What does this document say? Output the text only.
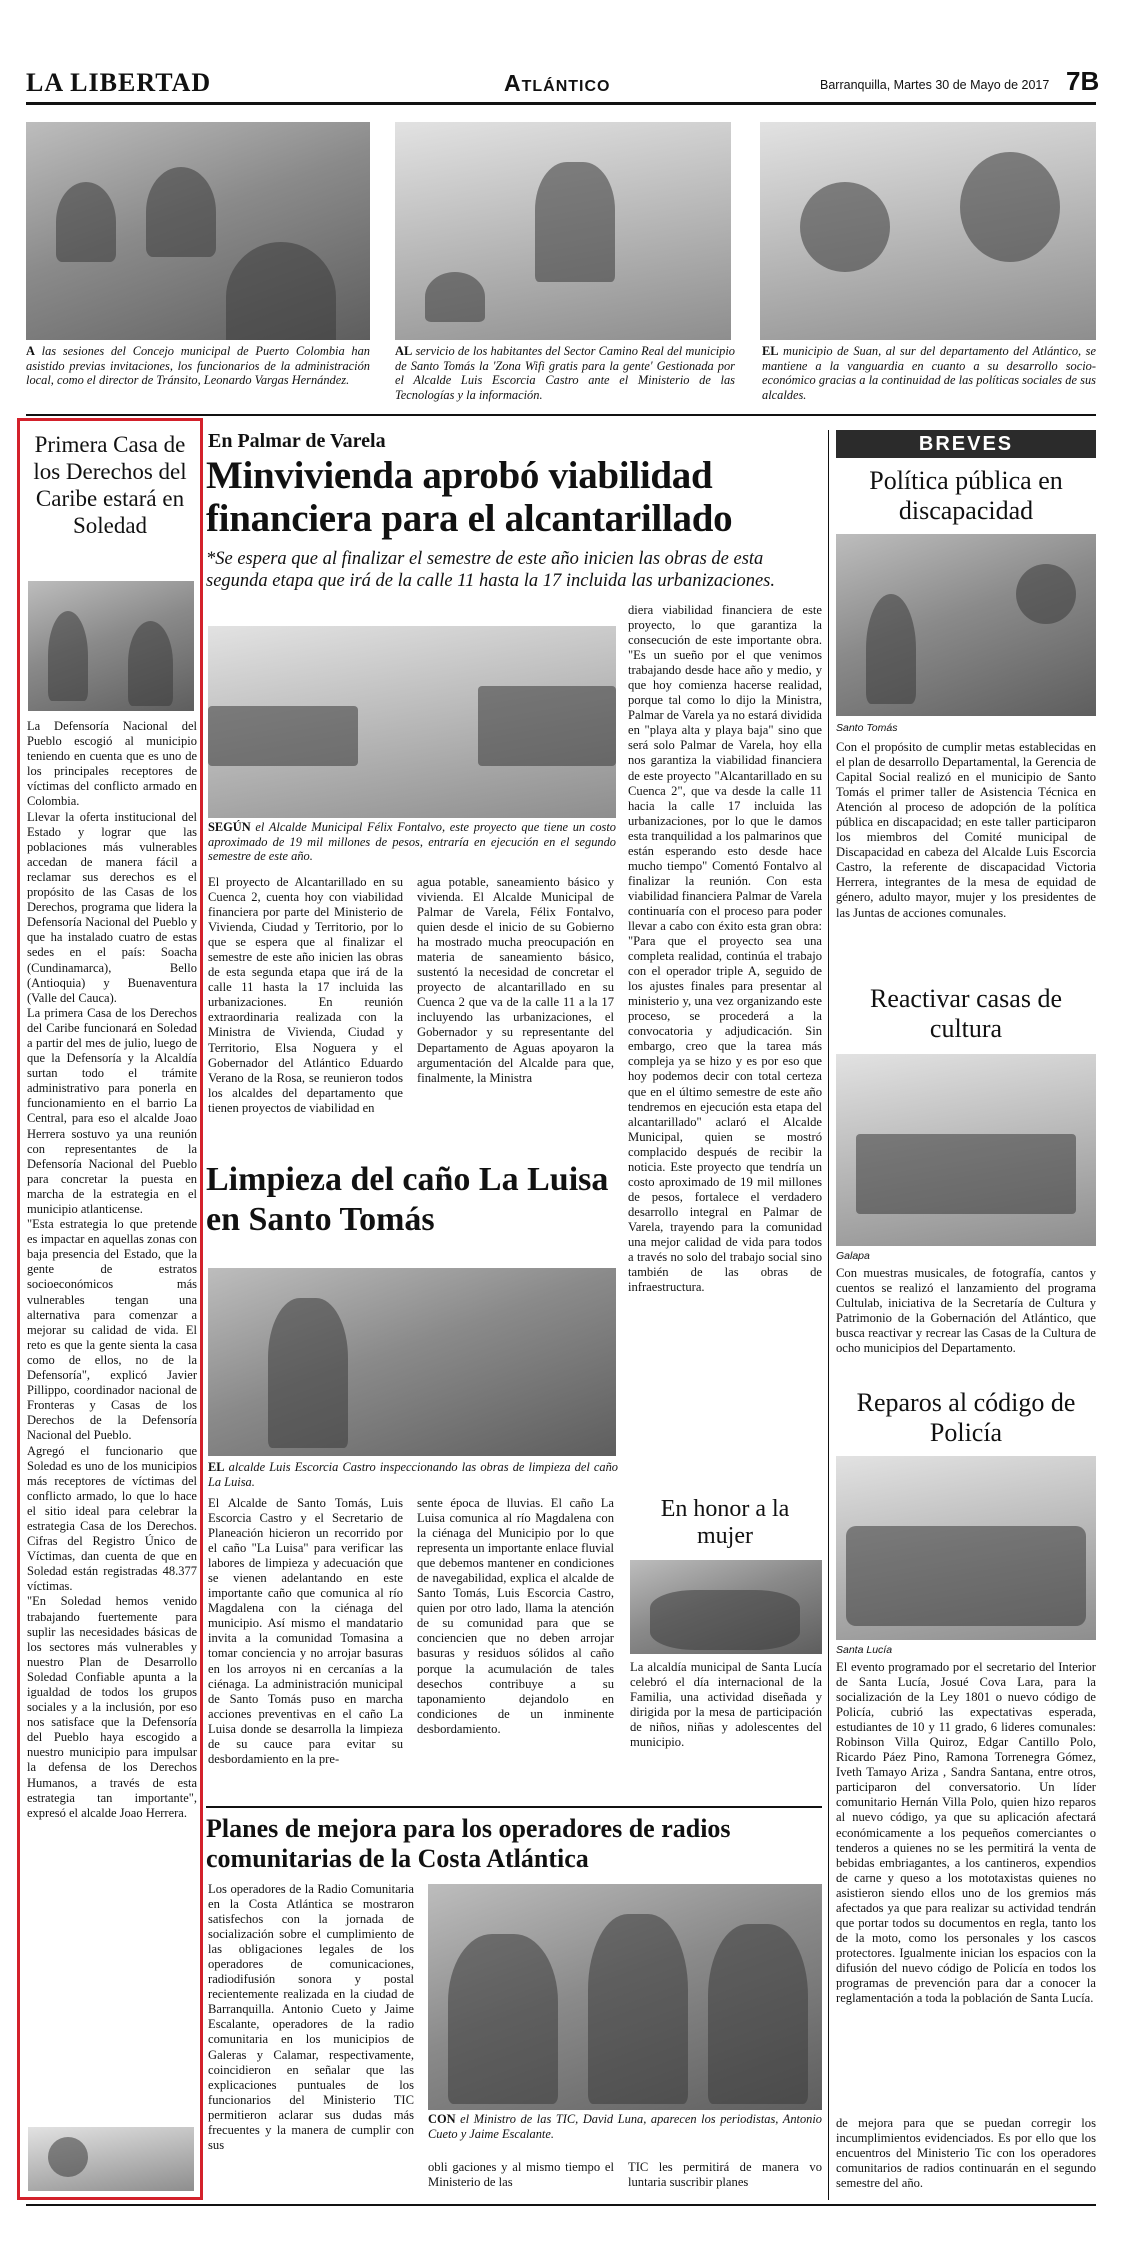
LA LIBERTAD	Atlántico	Barranquilla, Martes 30 de Mayo de 2017 7B
A las sesiones del Concejo municipal de Puerto Colombia han asistido previas invitaciones, los funcionarios de la administración local, como el director de Tránsito, Leonardo Vargas Hernández.
AL servicio de los habitantes del Sector Camino Real del municipio de Santo Tomás la 'Zona Wifi gratis para la gente' Gestionada por el Alcalde Luis Escorcia Castro ante el Ministerio de las Tecnologías y la información.
EL municipio de Suan, al sur del departamento del Atlántico, se mantiene a la vanguardia en cuanto a su desarrollo socio-económico gracias a la continuidad de las políticas sociales de sus alcaldes.
Primera Casa de los Derechos del Caribe estará en Soledad

La Defensoría Nacional del Pueblo escogió al municipio teniendo en cuenta que es uno de los principales receptores de víctimas del conflicto armado en Colombia.

Llevar la oferta institucional del Estado y lograr que las poblaciones más vulnerables accedan de manera fácil a reclamar sus derechos es el propósito de las Casas de los Derechos, programa que lidera la Defensoría Nacional del Pueblo y que ha instalado cuatro de estas sedes en el país: Soacha (Cundinamarca), Bello (Antioquia) y Buenaventura (Valle del Cauca).

La primera Casa de los Derechos del Caribe funcionará en Soledad a partir del mes de julio, luego de que la Defensoría y la Alcaldía surtan todo el trámite administrativo para ponerla en funcionamiento en el barrio La Central, para eso el alcalde Joao Herrera sostuvo ya una reunión con representantes de la Defensoría Nacional del Pueblo para concretar la puesta en marcha de la estrategia en el municipio atlanticense.

"Esta estrategia lo que pretende es impactar en aquellas zonas con baja presencia del Estado, que la gente de estratos socioeconómicos más vulnerables tengan una alternativa para comenzar a mejorar su calidad de vida. El reto es que la gente sienta la casa como de ellos, no de la Defensoría", explicó Javier Pillippo, coordinador nacional de Fronteras y Casas de los Derechos de la Defensoría Nacional del Pueblo.

Agregó el funcionario que Soledad es uno de los municipios más receptores de víctimas del conflicto armado, lo que lo hace el sitio ideal para celebrar la estrategia Casa de los Derechos. Cifras del Registro Único de Víctimas, dan cuenta de que en Soledad están registradas 48.377 víctimas.

"En Soledad hemos venido trabajando fuertemente para suplir las necesidades básicas de los sectores más vulnerables y nuestro Plan de Desarrollo Soledad Confiable apunta a la igualdad de todos los grupos sociales y a la inclusión, por eso nos satisface que la Defensoría del Pueblo haya escogido a nuestro municipio para impulsar la defensa de los Derechos Humanos, a través de esta estrategia tan importante", expresó el alcalde Joao Herrera.

En Palmar de Varela
Minvivienda aprobó viabilidad financiera para el alcantarillado
*Se espera que al finalizar el semestre de este año inicien las obras de esta segunda etapa que irá de la calle 11 hasta la 17 incluida las urbanizaciones.
SEGÚN el Alcalde Municipal Félix Fontalvo, este proyecto que tiene un costo aproximado de 19 mil millones de pesos, entraría en ejecución en el segundo semestre de este año.
El proyecto de Alcantarillado en su Cuenca 2, cuenta hoy con viabilidad financiera por parte del Ministerio de Vivienda, Ciudad y Territorio, por lo que se espera que al finalizar el semestre de este año inicien las obras de esta segunda etapa que irá de la calle 11 hasta la 17 incluida las urbanizaciones. En reunión extraordinaria realizada con la Ministra de Vivienda, Ciudad y Territorio, Elsa Noguera y el Gobernador del Atlántico Eduardo Verano de la Rosa, se reunieron todos los alcaldes del departamento que tienen proyectos de viabilidad en
agua potable, saneamiento básico y vivienda. El Alcalde Municipal de Palmar de Varela, Félix Fontalvo, quien desde el inicio de su Gobierno ha mostrado mucha preocupación en materia de saneamiento básico, sustentó la necesidad de concretar el proyecto de alcantarillado en su Cuenca 2 que va de la calle 11 a la 17 incluyendo las urbanizaciones, el Gobernador y su representante del Departamento de Aguas apoyaron la argumentación del Alcalde para que, finalmente, la Ministra
diera viabilidad financiera de este proyecto, lo que garantiza la consecución de este importante obra. "Es un sueño por el que venimos trabajando desde hace año y medio, y que hoy comienza hacerse realidad, porque tal como lo dijo la Ministra, Palmar de Varela ya no estará dividida en "playa alta y playa baja" sino que será solo Palmar de Varela, hoy ella nos garantiza la viabilidad financiera de este proyecto "Alcantarillado en su Cuenca 2", que va desde la calle 11 hacia la calle 17 incluida las urbanizaciones, por lo que le damos esta tranquilidad a los palmarinos que están esperando esto desde hace mucho tiempo" Comentó Fontalvo al finalizar la reunión. Con esta viabilidad financiera Palmar de Varela continuaría con el proceso para poder llevar a cabo con éxito esta gran obra: "Para que el proyecto sea una completa realidad, continúa el trabajo con el operador triple A, seguido de los ajustes finales para presentar al ministerio y, una vez organizando este proceso, se procederá a la convocatoria y adjudicación. Sin embargo, creo que la tarea más compleja ya se hizo y es por eso que hoy podemos decir con total certeza que en el último semestre de este año tendremos en ejecución esta etapa del alcantarillado" aclaró el Alcalde Municipal, quien se mostró complacido después de recibir la noticia. Este proyecto que tendría un costo aproximado de 19 mil millones de pesos, fortalece el verdadero desarrollo integral en Palmar de Varela, trayendo para la comunidad una mejor calidad de vida para todos a través no solo del trabajo social sino también de las obras de infraestructura.
Limpieza del caño La Luisa en Santo Tomás
EL alcalde Luis Escorcia Castro inspeccionando las obras de limpieza del caño La Luisa.
El Alcalde de Santo Tomás, Luis Escorcia Castro y el Secretario de Planeación hicieron un recorrido por el caño "La Luisa" para verificar las labores de limpieza y adecuación que se vienen adelantando en este importante caño que comunica al río Magdalena con la ciénaga del municipio. Así mismo el mandatario invita a la comunidad Tomasina a tomar conciencia y no arrojar basuras en los arroyos ni en cercanías a la ciénaga. La administración municipal de Santo Tomás puso en marcha acciones preventivas en el caño La Luisa donde se desarrolla la limpieza de su cauce para evitar su desbordamiento en la pre-
sente época de lluvias. El caño La Luisa comunica al río Magdalena con la ciénaga del Municipio por lo que representa un importante enlace fluvial que debemos mantener en condiciones de navegabilidad, explica el alcalde de Santo Tomás, Luis Escorcia Castro, quien por otro lado, llama la atención de su comunidad para que se conciencien que no deben arrojar basuras y residuos sólidos al caño porque la acumulación de tales desechos contribuye a su taponamiento dejandolo en condiciones de un inminente desbordamiento.
En honor a la mujer
La alcaldía municipal de Santa Lucía celebró el día internacional de la Familia, una actividad diseñada y dirigida por la mesa de participación de niños, niñas y adolescentes del municipio.
Planes de mejora para los operadores de radios comunitarias de la Costa Atlántica
Los operadores de la Radio Comunitaria en la Costa Atlántica se mostraron satisfechos con la jornada de socialización sobre el cumplimiento de las obligaciones legales de los operadores de comunicaciones, radiodifusión sonora y postal recientemente realizada en la ciudad de Barranquilla. Antonio Cueto y Jaime Escalante, operadores de la radio comunitaria en los municipios de Galeras y Calamar, respectivamente, coincidieron en señalar que las explicaciones puntuales de los funcionarios del Ministerio TIC permitieron aclarar sus dudas más frecuentes y la manera de cumplir con sus
CON el Ministro de las TIC, David Luna, aparecen los periodistas, Antonio Cueto y Jaime Escalante.
obli gaciones y al mismo tiempo el Ministerio de las
TIC les permitirá de manera vo luntaria suscribir planes
BREVES
Política pública en discapacidad
Santo Tomás
Con el propósito de cumplir metas establecidas en el plan de desarrollo Departamental, la Gerencia de Capital Social realizó en el municipio de Santo Tomás el primer taller de Asistencia Técnica en Atención al proceso de adopción de la política pública en discapacidad; en este taller participaron los miembros del Comité municipal de Discapacidad en cabeza del Alcalde Luis Escorcia Castro, la referente de discapacidad Victoria Herrera, integrantes de la mesa de equidad de género, adulto mayor, mujer y los presidentes de las Juntas de acciones comunales.
Reactivar casas de cultura
Galapa
Con muestras musicales, de fotografía, cantos y cuentos se realizó el lanzamiento del programa Cultulab, iniciativa de la Secretaría de Cultura y Patrimonio de la Gobernación del Atlántico, que busca reactivar y recrear las Casas de la Cultura de ocho municipios del Departamento.
Reparos al código de Policía
Santa Lucía
El evento programado por el secretario del Interior de Santa Lucía, Josué Cova Lara, para la socialización de la Ley 1801 o nuevo código de Policía, cubrió las expectativas esperada, estudiantes de 10 y 11 grado, 6 lideres comunales: Robinson Villa Quiroz, Edgar Cantillo Polo, Ricardo Páez Pino, Ramona Torrenegra Gómez, Iveth Tamayo Ariza , Sandra Santana, entre otros, participaron del conversatorio. Un líder comunitario Hernán Villa Polo, quien hizo reparos al nuevo código, ya que su aplicación afectará económicamente a los pequeños comerciantes o tenderos a quienes no se les permitirá la venta de bebidas embriagantes, a los cantineros, expendios de carne y queso a los mototaxistas quienes no asistieron siendo ellos uno de los gremios más afectados ya que para realizar su actividad tendrán que portar todos su documentos en regla, tanto los de la moto, como los personales y los cascos protectores. Igualmente inician los espacios con la difusión del nuevo código de Policía en todos los programas de prevención para dar a conocer la reglamentación a toda la población de Santa Lucía.
de mejora para que se puedan corregir los incumplimientos evidenciados. Es por ello que los encuentros del Ministerio Tic con los operadores comunitarios de radios continuarán en el segundo semestre del año.
